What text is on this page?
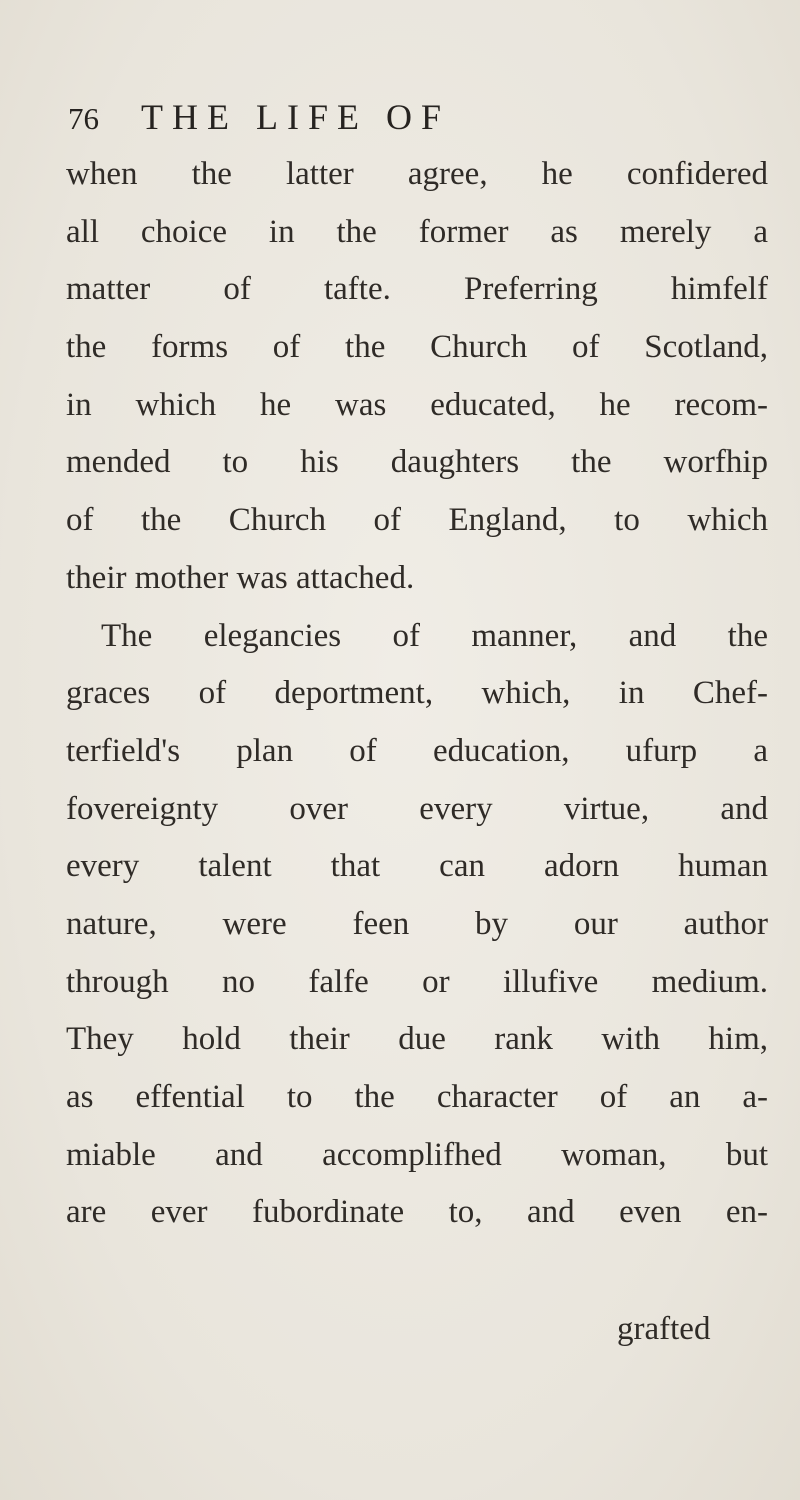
76 THE LIFE OF
when the latter agree, he confidered
all choice in the former as merely a
matter of tafte. Preferring himfelf
the forms of the Church of Scotland,
in which he was educated, he recom-
mended to his daughters the worfhip
of the Church of England, to which
their mother was attached.
The elegancies of manner, and the
graces of deportment, which, in Chef-
terfield's plan of education, ufurp a
fovereignty over every virtue, and
every talent that can adorn human
nature, were feen by our author
through no falfe or illufive medium.
They hold their due rank with him,
as effential to the character of an a-
miable and accomplifhed woman, but
are ever fubordinate to, and even en-
grafted
